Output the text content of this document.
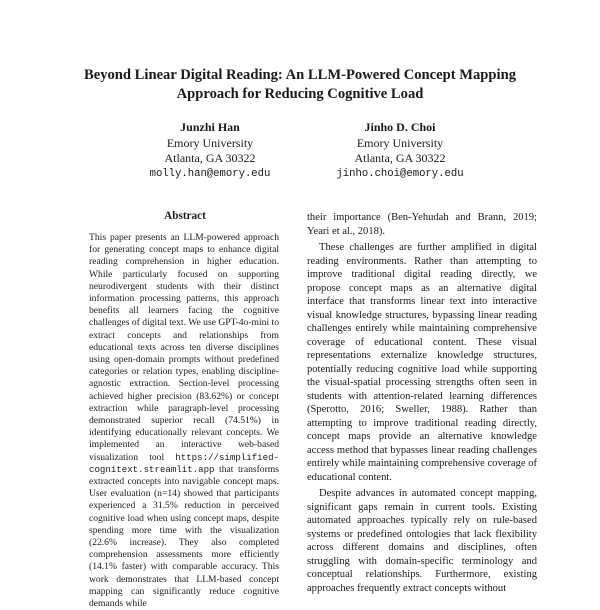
Beyond Linear Digital Reading: An LLM-Powered Concept Mapping
Approach for Reducing Cognitive Load
Junzhi Han
Emory University
Atlanta, GA 30322
molly.han@emory.edu
Jinho D. Choi
Emory University
Atlanta, GA 30322
jinho.choi@emory.edu
Abstract
This paper presents an LLM-powered approach for generating concept maps to enhance digital reading comprehension in higher education. While particularly focused on supporting neurodivergent students with their distinct information processing patterns, this approach benefits all learners facing the cognitive challenges of digital text. We use GPT-4o-mini to extract concepts and relationships from educational texts across ten diverse disciplines using open-domain prompts without predefined categories or relation types, enabling discipline-agnostic extraction. Section-level processing achieved higher precision (83.62%) or concept extraction while paragraph-level processing demonstrated superior recall (74.51%) in identifying educationally relevant concepts. We implemented an interactive web-based visualization tool https://simplified-cognitext.streamlit.app that transforms extracted concepts into navigable concept maps. User evaluation (n=14) showed that participants experienced a 31.5% reduction in perceived cognitive load when using concept maps, despite spending more time with the visualization (22.6% increase). They also completed comprehension assessments more efficiently (14.1% faster) with comparable accuracy. This work demonstrates that LLM-based concept mapping can significantly reduce cognitive demands while

their importance (Ben-Yehudah and Brann, 2019; Yeari et al., 2018).

These challenges are further amplified in digital reading environments. Rather than attempting to improve traditional digital reading directly, we propose concept maps as an alternative digital interface that transforms linear text into interactive visual knowledge structures, bypassing linear reading challenges entirely while maintaining comprehensive coverage of educational content. These visual representations externalize knowledge structures, potentially reducing cognitive load while supporting the visual-spatial processing strengths often seen in students with attention-related learning differences (Sperotto, 2016; Sweller, 1988). Rather than attempting to improve traditional reading directly, concept maps provide an alternative knowledge access method that bypasses linear reading challenges entirely while maintaining comprehensive coverage of educational content.

Despite advances in automated concept mapping, significant gaps remain in current tools. Existing automated approaches typically rely on rule-based systems or predefined ontologies that lack flexibility across different domains and disciplines, often struggling with domain-specific terminology and conceptual relationships. Furthermore, existing approaches frequently extract concepts without
